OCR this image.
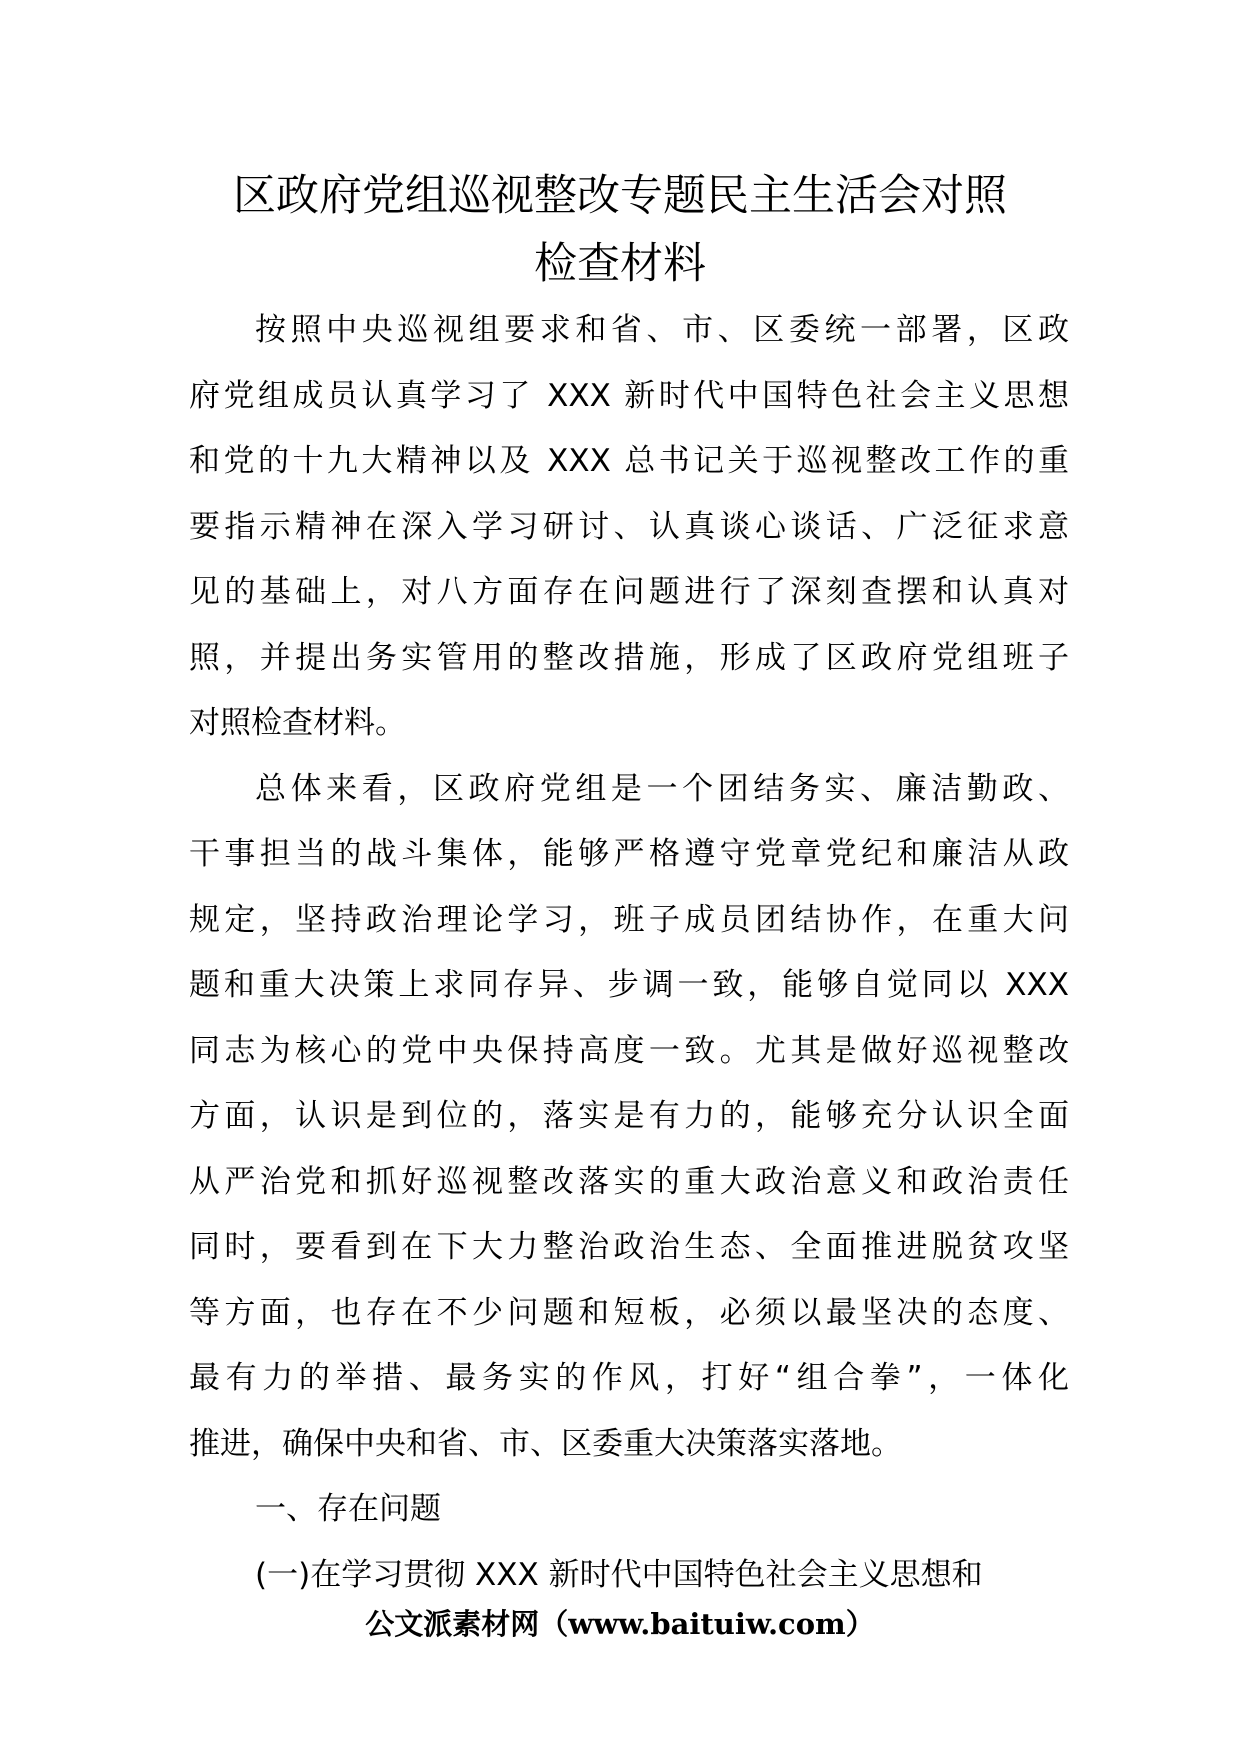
区政府党组巡视整改专题民主生活会对照
检查材料
按照中央巡视组要求和省、市、区委统一部署，区政
府党组成员认真学习了 XXX 新时代中国特色社会主义思想
和党的十九大精神以及 XXX 总书记关于巡视整改工作的重
要指示精神在深入学习研讨、认真谈心谈话、广泛征求意
见的基础上，对八方面存在问题进行了深刻查摆和认真对
照，并提出务实管用的整改措施，形成了区政府党组班子
对照检查材料。
总体来看，区政府党组是一个团结务实、廉洁勤政、
干事担当的战斗集体，能够严格遵守党章党纪和廉洁从政
规定，坚持政治理论学习，班子成员团结协作，在重大问
题和重大决策上求同存异、步调一致，能够自觉同以 XXX
同志为核心的党中央保持高度一致。尤其是做好巡视整改
方面，认识是到位的，落实是有力的，能够充分认识全面
从严治党和抓好巡视整改落实的重大政治意义和政治责任
同时，要看到在下大力整治政治生态、全面推进脱贫攻坚
等方面，也存在不少问题和短板，必须以最坚决的态度、
最有力的举措、最务实的作风，打好“组合拳”，一体化
推进，确保中央和省、市、区委重大决策落实落地。
一、存在问题
(一)在学习贯彻 XXX 新时代中国特色社会主义思想和
公文派素材网（www.baituiw.com）
